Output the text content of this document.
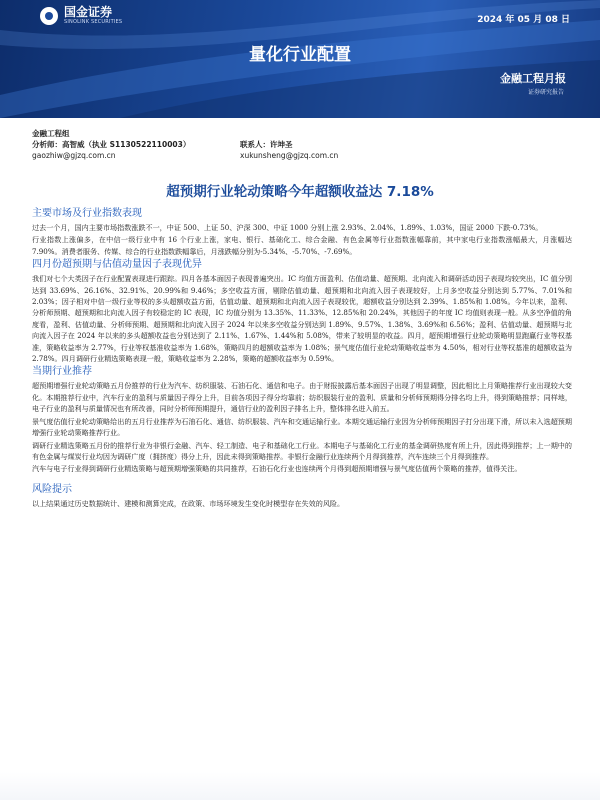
国金证券
SINOLINK SECURITIES	2024 年 05 月 08 日
量化行业配置
金融工程月报
证券研究报告
金融工程组
分析师：高智威（执业 S1130522110003）	联系人：许坤圣
gaozhiw@gjzq.com.cn	xukunsheng@gjzq.com.cn
超预期行业轮动策略今年超额收益达 7.18%
主要市场及行业指数表现

过去一个月，国内主要市场指数涨跌不一，中证 500、上证 50、沪深 300、中证 1000 分别上涨 2.93%、2.04%、1.89%、1.03%，国证 2000 下跌-0.73%。

行业指数上涨偏多，在中信一级行业中有 16 个行业上涨，家电、银行、基础化工、综合金融、有色金属等行业指数涨幅靠前，其中家电行业指数涨幅最大，月涨幅达 7.90%。消费者服务、传媒、综合的行业指数跌幅靠后，月涨跌幅分别为-5.34%、-5.70%、-7.69%。

四月份超预期与估值动量因子表现优异

我们对七个大类因子在行业配置表现进行跟踪。四月各基本面因子表现普遍突出。IC 均值方面盈利、估值动量、超预期、北向流入和调研活动因子表现均较突出，IC 值分别达到 33.69%、26.16%、32.91%、20.99%和 9.46%；多空收益方面，剔除估值动量、超预期和北向流入因子表现较好，上月多空收益分别达到 5.77%、7.01%和 2.03%；因子相对中信一级行业等权的多头超额收益方面，估值动量、超预期和北向流入因子表现较优，超额收益分别达到 2.39%、1.85%和 1.08%。今年以来，盈利、分析师预期、超预期和北向流入因子有较稳定的 IC 表现，IC 均值分别为 13.35%、11.33%、12.85%和 20.24%，其他因子的年度 IC 均值则表现一般。从多空净值的角度看，盈利、估值动量、分析师预期、超预期和北向流入因子 2024 年以来多空收益分别达到 1.89%、9.57%、1.38%、3.69%和 6.56%；盈利、估值动量、超预期与北向流入因子在 2024 年以来的多头超额收益也分别达到了 2.11%、1.67%、1.44%和 5.08%，带来了较明显的收益。四月，超预期增强行业轮动策略明显跑赢行业等权基准，策略收益率为 2.77%，行业等权基准收益率为 1.68%，策略四月的超额收益率为 1.08%；景气度估值行业轮动策略收益率为 4.50%，相对行业等权基准的超额收益为 2.78%。四月调研行业精选策略表现一般，策略收益率为 2.28%，策略的超额收益率为 0.59%。

当期行业推荐

超预期增强行业轮动策略五月份推荐的行业为汽车、纺织服装、石油石化、通信和电子。由于财报披露后基本面因子出现了明显调整，因此相比上月策略推荐行业出现较大变化。本期推荐行业中，汽车行业的盈利与质量因子得分上升，目前各项因子得分均靠前；纺织服装行业的盈利、质量和分析师预期得分排名均上升，得到策略推荐；同样地，电子行业的盈利与质量情况也有所改善，同时分析师预期提升，通信行业的盈利因子排名上升，整体排名进入前五。

景气度估值行业轮动策略给出的五月行业推荐为石油石化、通信、纺织服装、汽车和交通运输行业。本期交通运输行业因为分析师预期因子打分出现下滑，所以未入选超预期增强行业轮动策略推荐行业。

调研行业精选策略五月份的推荐行业为非银行金融、汽车、轻工制造、电子和基础化工行业。本期电子与基础化工行业的基金调研热度有所上升，因此得到推荐；上一期中的有色金属与煤炭行业均因为调研广度（拥挤度）得分上升，因此未得到策略推荐。非银行金融行业连续两个月得到推荐，汽车连续三个月得到推荐。

汽车与电子行业得到调研行业精选策略与超预期增强策略的共同推荐，石油石化行业也连续两个月得到超预期增强与景气度估值两个策略的推荐，值得关注。

风险提示

以上结果通过历史数据统计、建模和测算完成，在政策、市场环境发生变化时模型存在失效的风险。
